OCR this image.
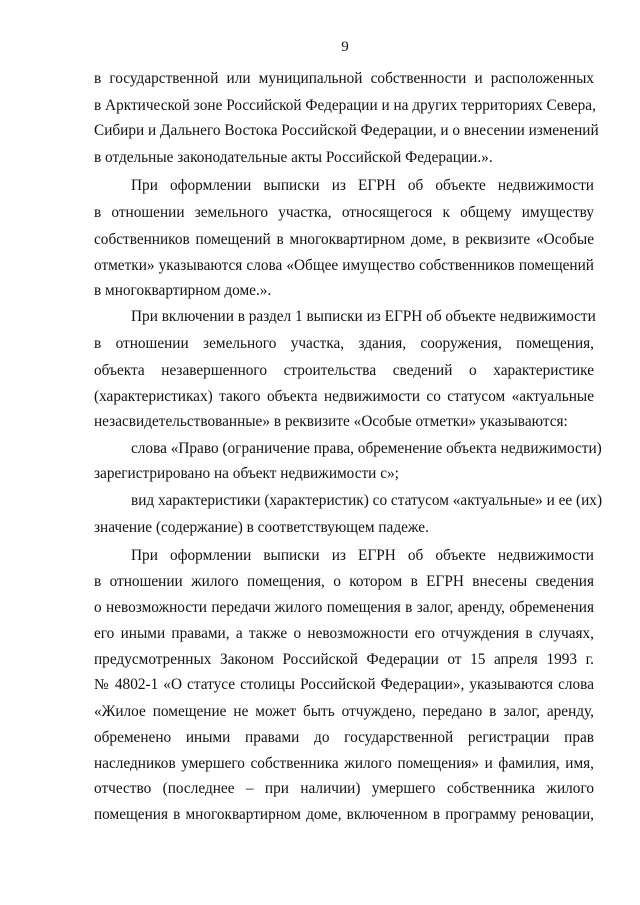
9
в государственной или муниципальной собственности и расположенных
в Арктической зоне Российской Федерации и на других территориях Севера,
Сибири и Дальнего Востока Российской Федерации, и о внесении изменений
в отдельные законодательные акты Российской Федерации.».
При оформлении выписки из ЕГРН об объекте недвижимости
в отношении земельного участка, относящегося к общему имуществу
собственников помещений в многоквартирном доме, в реквизите «Особые
отметки» указываются слова «Общее имущество собственников помещений
в многоквартирном доме.».
При включении в раздел 1 выписки из ЕГРН об объекте недвижимости
в отношении земельного участка, здания, сооружения, помещения,
объекта незавершенного строительства сведений о характеристике
(характеристиках) такого объекта недвижимости со статусом «актуальные
незасвидетельствованные» в реквизите «Особые отметки» указываются:
слова «Право (ограничение права, обременение объекта недвижимости)
зарегистрировано на объект недвижимости с»;
вид характеристики (характеристик) со статусом «актуальные» и ее (их)
значение (содержание) в соответствующем падеже.
При оформлении выписки из ЕГРН об объекте недвижимости
в отношении жилого помещения, о котором в ЕГРН внесены сведения
о невозможности передачи жилого помещения в залог, аренду, обременения
его иными правами, а также о невозможности его отчуждения в случаях,
предусмотренных Законом Российской Федерации от 15 апреля 1993 г.
№ 4802-1 «О статусе столицы Российской Федерации», указываются слова
«Жилое помещение не может быть отчуждено, передано в залог, аренду,
обременено иными правами до государственной регистрации прав
наследников умершего собственника жилого помещения» и фамилия, имя,
отчество (последнее – при наличии) умершего собственника жилого
помещения в многоквартирном доме, включенном в программу реновации,
